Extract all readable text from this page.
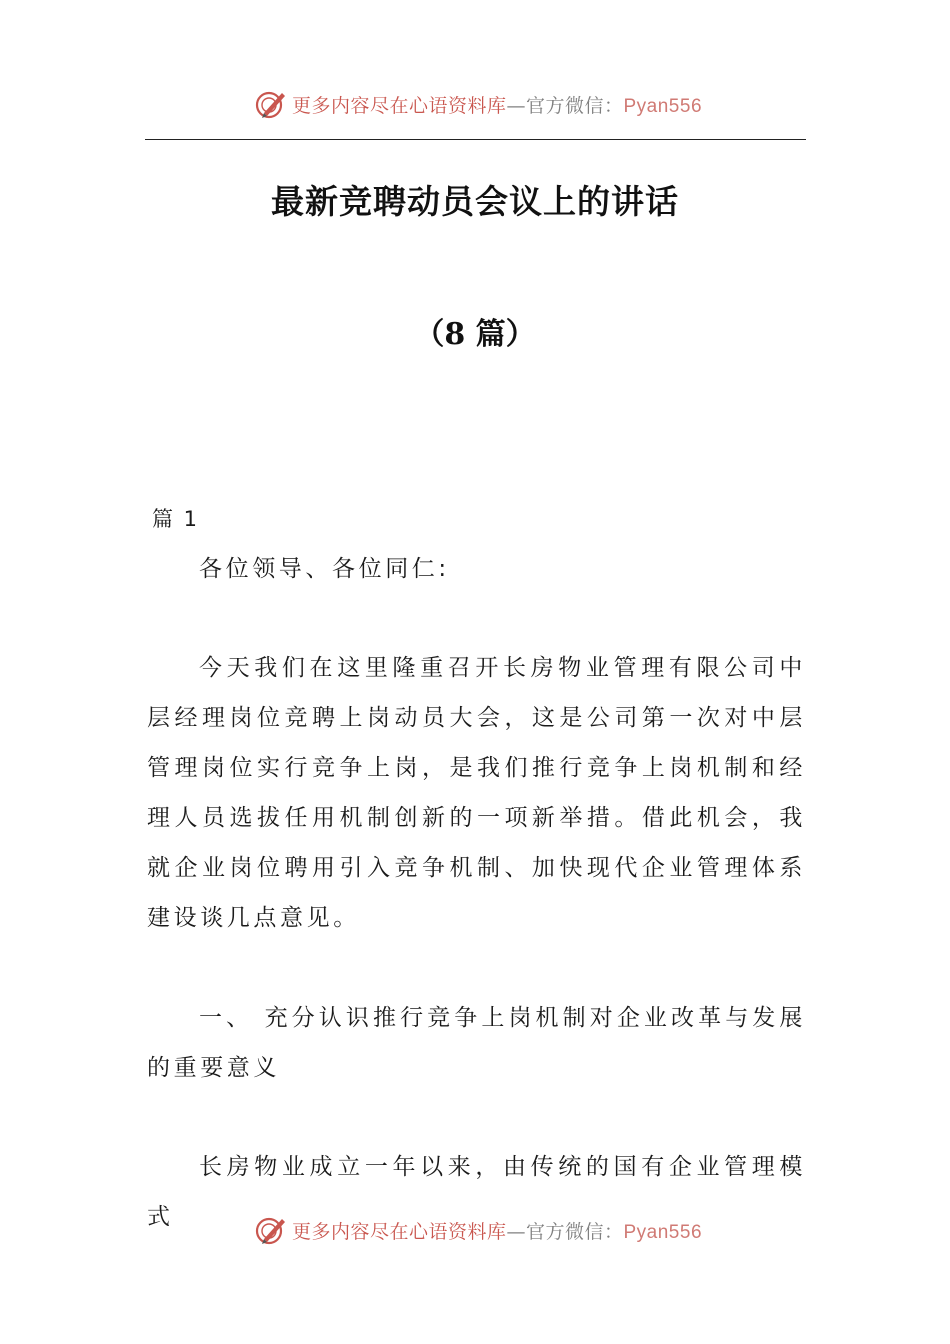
更多内容尽在心语资料库—官方微信：Pyan556
最新竞聘动员会议上的讲话
（8 篇）
篇 1
各位领导、各位同仁:
今天我们在这里隆重召开长房物业管理有限公司中层经理岗位竞聘上岗动员大会，这是公司第一次对中层管理岗位实行竞争上岗，是我们推行竞争上岗机制和经理人员选拔任用机制创新的一项新举措。借此机会，我就企业岗位聘用引入竞争机制、加快现代企业管理体系建设谈几点意见。
一、 充分认识推行竞争上岗机制对企业改革与发展的重要意义
长房物业成立一年以来，由传统的国有企业管理模式
更多内容尽在心语资料库—官方微信：Pyan556
